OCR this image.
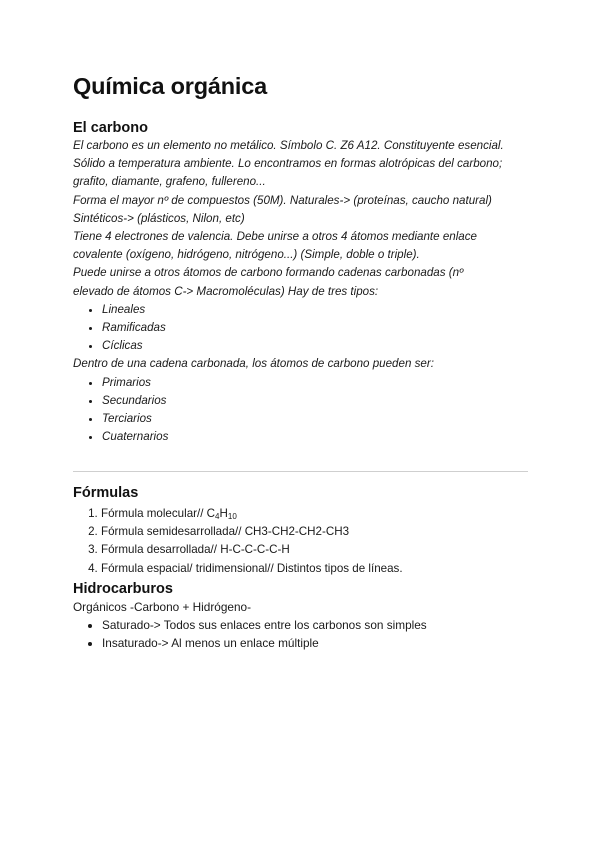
Química orgánica
El carbono

El carbono es un elemento no metálico. Símbolo C. Z6 A12. Constituyente esencial.

Sólido a temperatura ambiente. Lo encontramos en formas alotrópicas del carbono;

grafito, diamante, grafeno, fullereno...

Forma el mayor nº de compuestos (50M). Naturales-> (proteínas, caucho natural)

Sintéticos-> (plásticos, Nilon, etc)

Tiene 4 electrones de valencia. Debe unirse a otros 4 átomos mediante enlace

covalente (oxígeno, hidrógeno, nitrógeno...) (Simple, doble o triple).

Puede unirse a otros átomos de carbono formando cadenas carbonadas (nº

elevado de átomos C-> Macromoléculas) Hay de tres tipos:

• Lineales
• Ramificadas
• Cíclicas

Dentro de una cadena carbonada, los átomos de carbono pueden ser:

• Primarios
• Secundarios
• Terciarios
• Cuaternarios
Fórmulas
1. Fórmula molecular// $C_4H_{10}$
2. Fórmula semidesarrollada// CH3-CH2-CH2-CH3
3. Fórmula desarrollada// H-C-C-C-C-H
4. Fórmula espacial/ tridimensional// Distintos tipos de líneas.
Hidrocarburos

Orgánicos -Carbono + Hidrógeno-

• Saturado-> Todos sus enlaces entre los carbonos son simples
• Insaturado-> Al menos un enlace múltiple
